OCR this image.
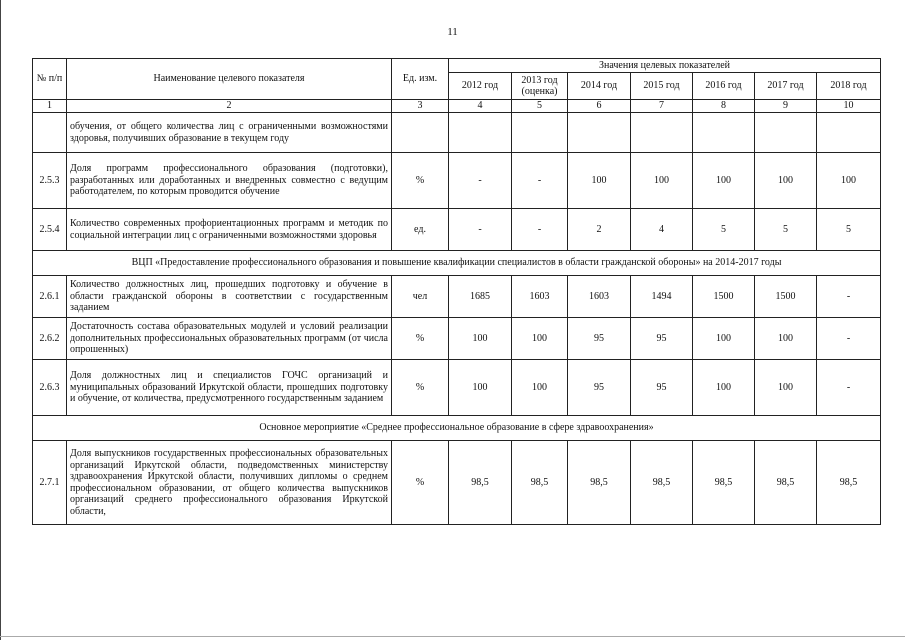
11
№ п/п	Наименование целевого показателя	Ед. изм.	Значения целевых показателей						
			2012 год	2013 год (оценка)	2014 год	2015 год	2016 год	2017 год	2018 год
1	2	3	4	5	6	7	8	9	10
	обучения, от общего количества лиц с ограниченными возможностями здоровья, получивших образование в текущем году								
2.5.3	Доля программ профессионального образования (подготовки), разработанных или доработанных и внедренных совместно с ведущим работодателем, по которым проводится обучение	%	-	-	100	100	100	100	100
2.5.4	Количество современных профориентационных программ и методик по социальной интеграции лиц с ограниченными возможностями здоровья	ед.	-	-	2	4	5	5	5
ВЦП «Предоставление профессионального образования и повышение квалификации специалистов в области гражданской обороны» на 2014-2017 годы									
2.6.1	Количество должностных лиц, прошедших подготовку и обучение в области гражданской обороны в соответствии с государственным заданием	чел	1685	1603	1603	1494	1500	1500	-
2.6.2	Достаточность состава образовательных модулей и условий реализации дополнительных профессиональных образовательных программ (от числа опрошенных)	%	100	100	95	95	100	100	-
2.6.3	Доля должностных лиц и специалистов ГОЧС организаций и муниципальных образований Иркутской области, прошедших подготовку и обучение, от количества, предусмотренного государственным заданием	%	100	100	95	95	100	100	-
Основное мероприятие «Среднее профессиональное образование в сфере здравоохранения»									
2.7.1	Доля выпускников государственных профессиональных образовательных организаций Иркутской области, подведомственных министерству здравоохранения Иркутской области, получивших дипломы о среднем профессиональном образовании, от общего количества выпускников организаций среднего профессионального образования Иркутской области,	%	98,5	98,5	98,5	98,5	98,5	98,5	98,5
